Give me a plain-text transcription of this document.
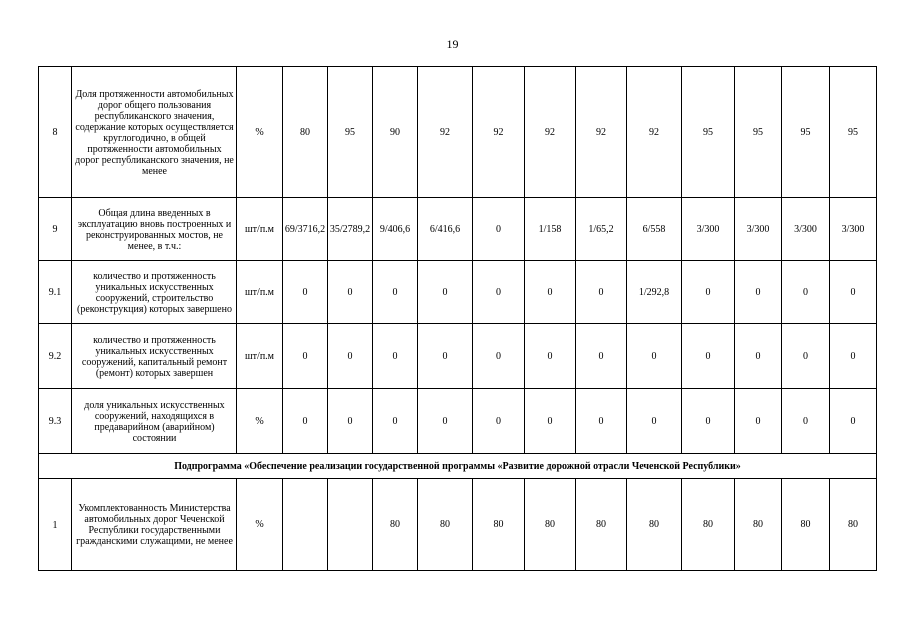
19
8	Доля протяженности автомобильных дорог общего пользования республиканского значения, содержание которых осуществляется круглогодично, в общей протяженности автомобильных дорог республиканского значения, не менее	%	80	95	90	92	92	92	92	92	95	95	95	95
9	Общая длина введенных в эксплуатацию вновь построенных и реконструированных мостов, не менее, в т.ч.:	шт/п.м	69/3716,2	35/2789,2	9/406,6	6/416,6	0	1/158	1/65,2	6/558	3/300	3/300	3/300	3/300
9.1	количество и протяженность уникальных искусственных сооружений, строительство (реконструкция) которых завершено	шт/п.м	0	0	0	0	0	0	0	1/292,8	0	0	0	0
9.2	количество и протяженность уникальных искусственных сооружений, капитальный ремонт (ремонт) которых завершен	шт/п.м	0	0	0	0	0	0	0	0	0	0	0	0
9.3	доля уникальных искусственных сооружений, находящихся в предаварийном (аварийном) состоянии	%	0	0	0	0	0	0	0	0	0	0	0	0
Подпрограмма «Обеспечение реализации государственной программы «Развитие дорожной отрасли Чеченской Республики»														
1	Укомплектованность Министерства автомобильных дорог Чеченской Республики государственными гражданскими служащими, не менее	%			80	80	80	80	80	80	80	80	80	80
